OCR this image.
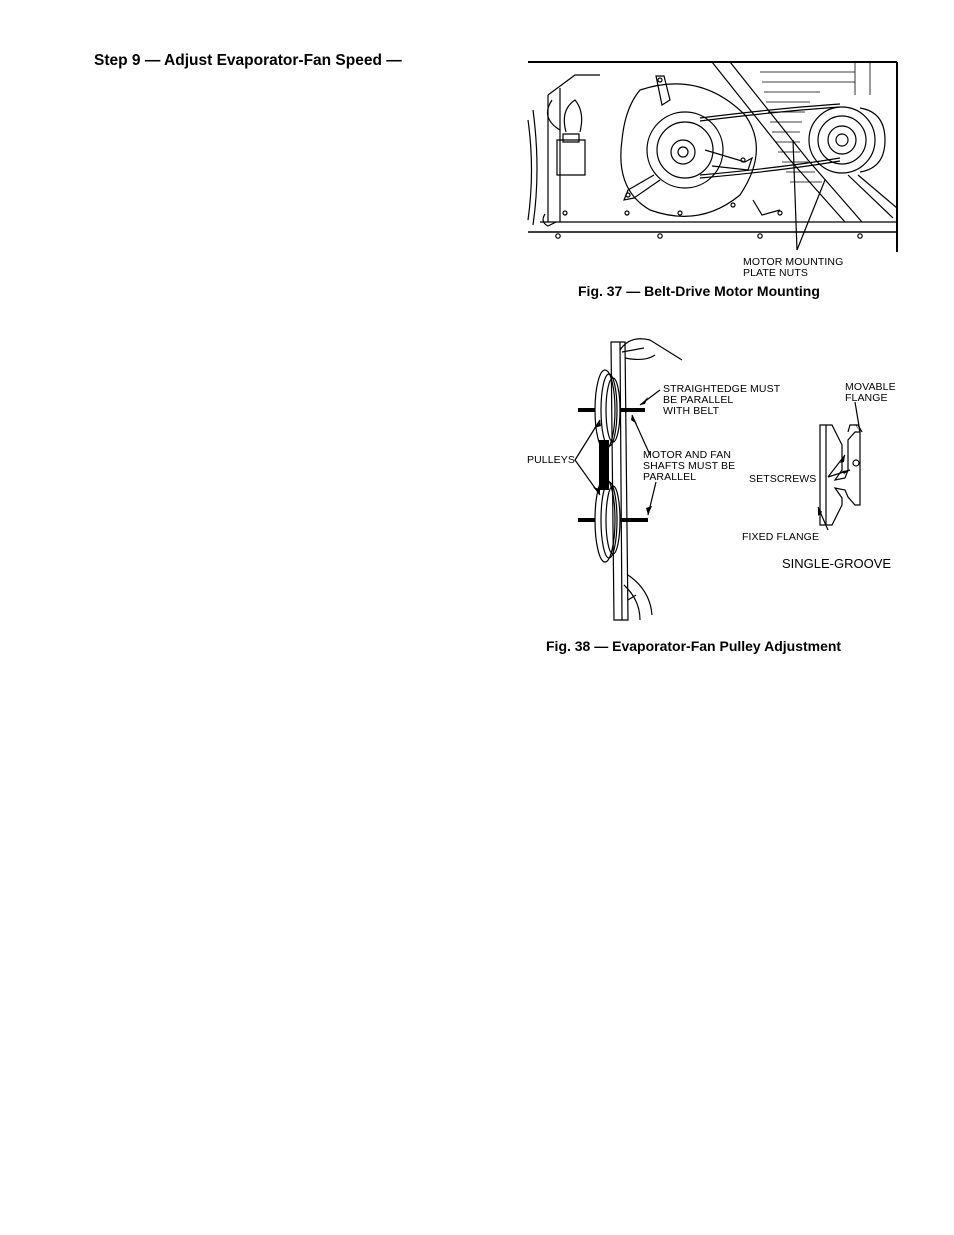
Step 9 — Adjust Evaporator-Fan Speed —
MOTOR MOUNTING
PLATE NUTS
Fig. 37 — Belt-Drive Motor Mounting
PULLEYS
STRAIGHTEDGE MUST
BE PARALLEL
WITH BELT
MOTOR AND FAN
SHAFTS MUST BE
PARALLEL
MOVABLE
FLANGE
SETSCREWS
FIXED FLANGE
SINGLE-GROOVE
Fig. 38 — Evaporator-Fan Pulley Adjustment
